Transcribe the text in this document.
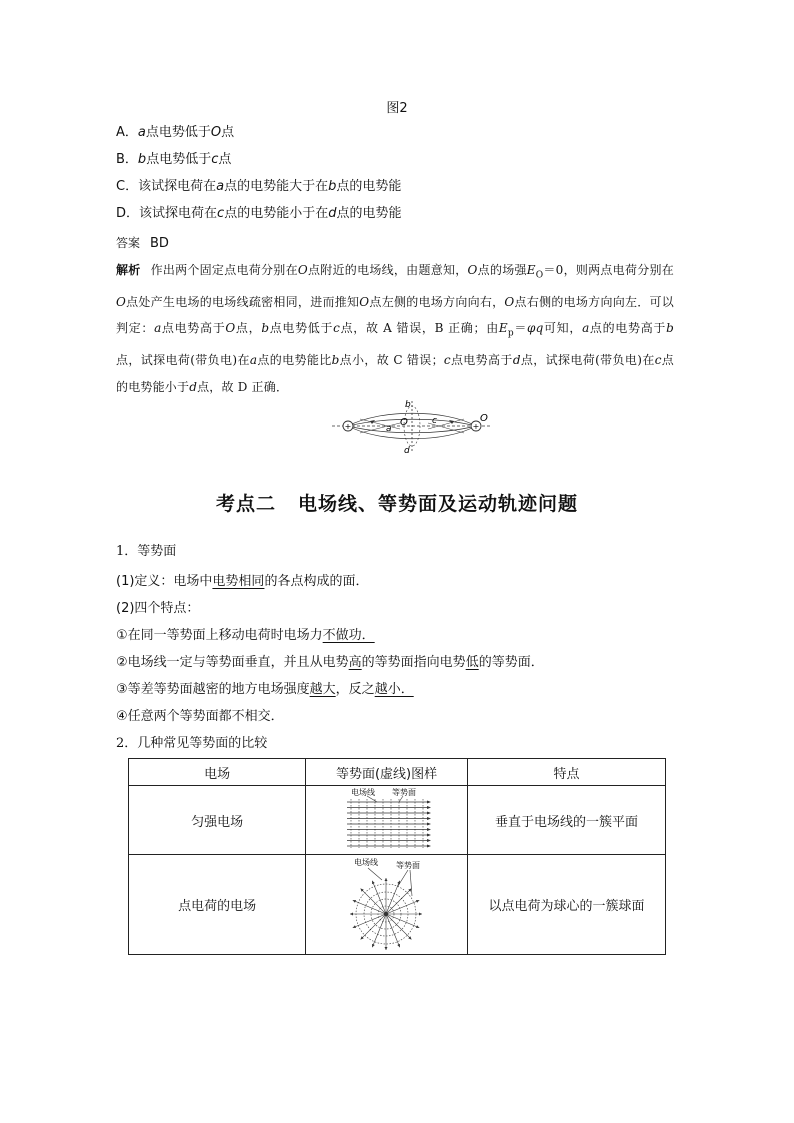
图2
A．a点电势低于O点
B．b点电势低于c点
C．该试探电荷在a点的电势能大于在b点的电势能
D．该试探电荷在c点的电势能小于在d点的电势能
答案 BD
解析 作出两个固定点电荷分别在O点附近的电场线，由题意知，O点的场强$E_O=0$，则两点电荷分别在O点处产生电场的电场线疏密相同，进而推知O点左侧的电场方向向右，O点右侧的电场方向向左．可以判定：a点电势高于O点，b点电势低于c点，故 A 错误，B 正确；由$E_p=\varphi q$可知，a点的电势高于b点，试探电荷(带负电)在a点的电势能比b点小，故 C 错误；c点电势高于d点，试探电荷(带负电)在c点的电势能小于d点，故 D 正确．
+	+
b
c
d
a
O	O
考点二 电场线、等势面及运动轨迹问题
1．等势面
(1)定义：电场中电势相同的各点构成的面．
(2)四个特点：
①在同一等势面上移动电荷时电场力不做功．
②电场线一定与等势面垂直，并且从电势高的等势面指向电势低的等势面．
③等差等势面越密的地方电场强度越大，反之越小．
④任意两个等势面都不相交．
2．几种常见等势面的比较
电场	等势面(虚线)图样	特点
匀强电场	电场线 等势面	垂直于电场线的一簇平面
点电荷的电场	电场线 等势面	以点电荷为球心的一簇球面
